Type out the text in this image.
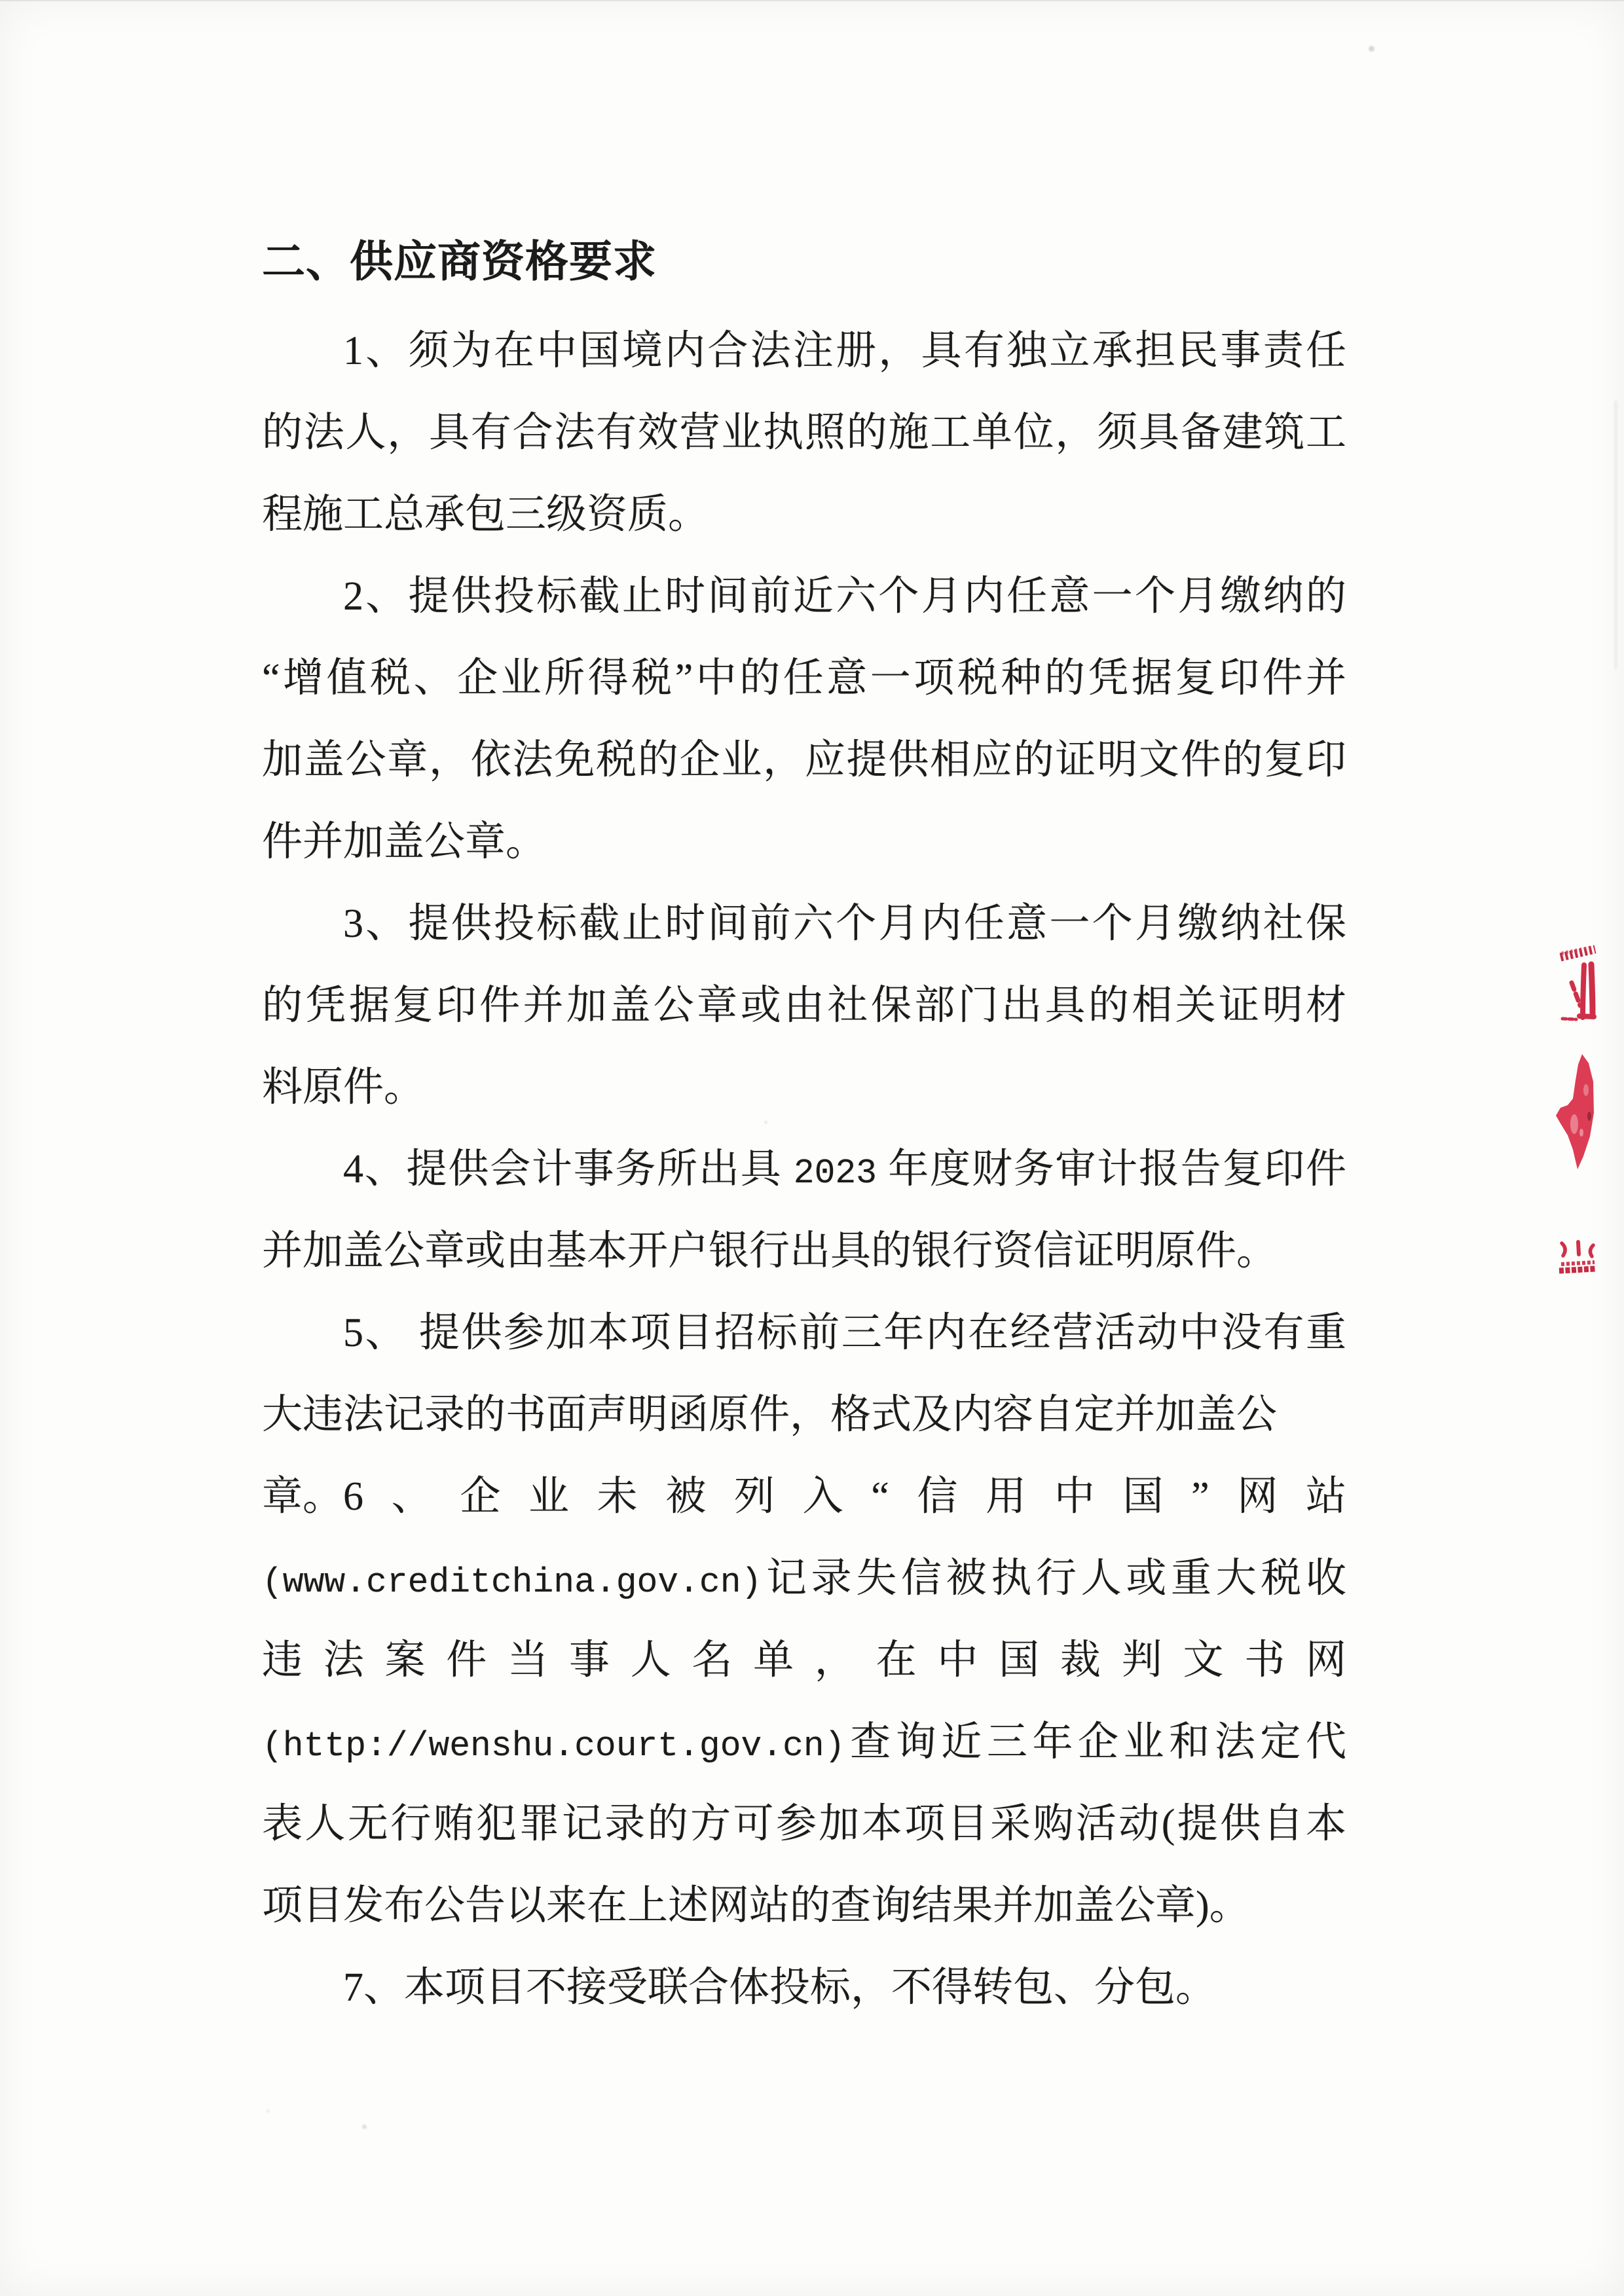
二、供应商资格要求
1、须为在中国境内合法注册，具有独立承担民事责任
的法人，具有合法有效营业执照的施工单位，须具备建筑工
程施工总承包三级资质。
2、提供投标截止时间前近六个月内任意一个月缴纳的
“增值税、企业所得税”中的任意一项税种的凭据复印件并
加盖公章，依法免税的企业，应提供相应的证明文件的复印
件并加盖公章。
3、提供投标截止时间前六个月内任意一个月缴纳社保
的凭据复印件并加盖公章或由社保部门出具的相关证明材
料原件。
4、提供会计事务所出具 2023 年度财务审计报告复印件
并加盖公章或由基本开户银行出具的银行资信证明原件。
5、 提供参加本项目招标前三年内在经营活动中没有重
大违法记录的书面声明函原件，格式及内容自定并加盖公章。 6、企业未被列入“信用中国”网站
(www.creditchina.gov.cn)记录失信被执行人或重大税收
违法案件当事人名单，在中国裁判文书网
(http://wenshu.court.gov.cn)查询近三年企业和法定代
表人无行贿犯罪记录的方可参加本项目采购活动(提供自本
项目发布公告以来在上述网站的查询结果并加盖公章)。
7、本项目不接受联合体投标，不得转包、分包。
